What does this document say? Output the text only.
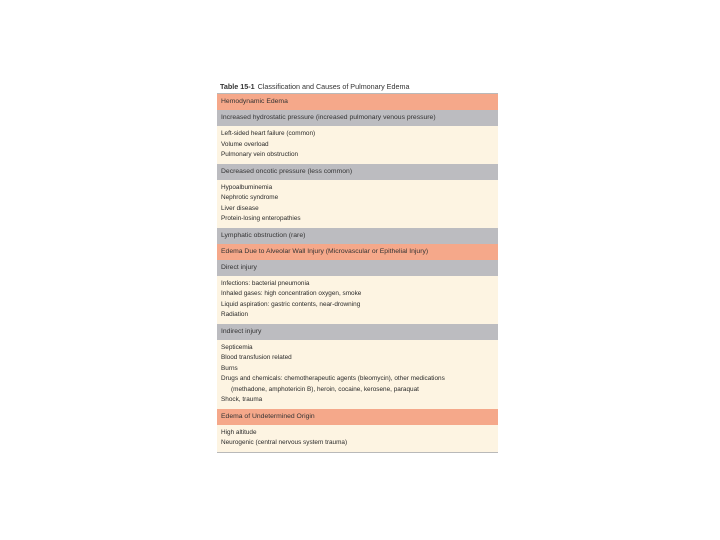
Table 15-1 Classification and Causes of Pulmonary Edema
Hemodynamic Edema
Increased hydrostatic pressure (increased pulmonary venous pressure)
Left-sided heart failure (common)
Volume overload
Pulmonary vein obstruction
Decreased oncotic pressure (less common)
Hypoalbuminemia
Nephrotic syndrome
Liver disease
Protein-losing enteropathies
Lymphatic obstruction (rare)
Edema Due to Alveolar Wall Injury (Microvascular or Epithelial Injury)
Direct injury
Infections: bacterial pneumonia
Inhaled gases: high concentration oxygen, smoke
Liquid aspiration: gastric contents, near-drowning
Radiation
Indirect injury
Septicemia
Blood transfusion related
Burns
Drugs and chemicals: chemotherapeutic agents (bleomycin), other medications
(methadone, amphotericin B), heroin, cocaine, kerosene, paraquat
Shock, trauma
Edema of Undetermined Origin
High altitude
Neurogenic (central nervous system trauma)
